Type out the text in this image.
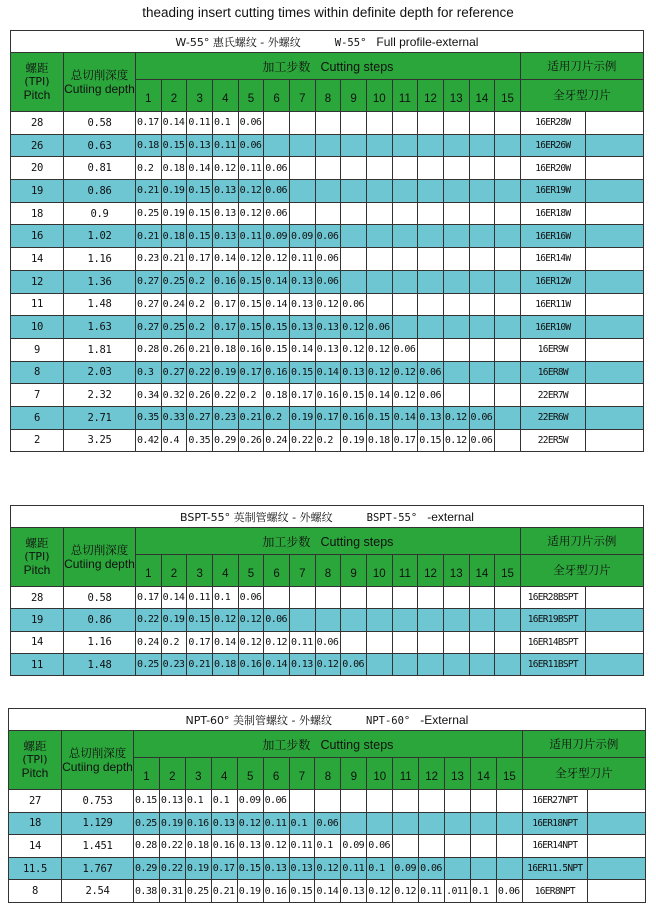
theading insert cutting times within definite depth for reference
W-55° 惠氏螺纹 - 外螺纹 W-55° Full profile-external																		

螺距
(TPI)
Pitch	总切削深度
Cutiing depth	加工步数 Cutting steps															适用刀片示例	

		1	2	3	4	5	6	7	8	9	10	11	12	13	14	15	全牙型刀片	

28	0.58	0.17	0.14	0.11	0.1	0.06											16ER28W	
26	0.63	0.18	0.15	0.13	0.11	0.06											16ER26W	
20	0.81	0.2	0.18	0.14	0.12	0.11	0.06										16ER20W	
19	0.86	0.21	0.19	0.15	0.13	0.12	0.06										16ER19W	
18	0.9	0.25	0.19	0.15	0.13	0.12	0.06										16ER18W	
16	1.02	0.21	0.18	0.15	0.13	0.11	0.09	0.09	0.06								16ER16W	
14	1.16	0.23	0.21	0.17	0.14	0.12	0.12	0.11	0.06								16ER14W	
12	1.36	0.27	0.25	0.2	0.16	0.15	0.14	0.13	0.06								16ER12W	
11	1.48	0.27	0.24	0.2	0.17	0.15	0.14	0.13	0.12	0.06							16ER11W	
10	1.63	0.27	0.25	0.2	0.17	0.15	0.15	0.13	0.13	0.12	0.06						16ER10W	
9	1.81	0.28	0.26	0.21	0.18	0.16	0.15	0.14	0.13	0.12	0.12	0.06					16ER9W	
8	2.03	0.3	0.27	0.22	0.19	0.17	0.16	0.15	0.14	0.13	0.12	0.12	0.06				16ER8W	
7	2.32	0.34	0.32	0.26	0.22	0.2	0.18	0.17	0.16	0.15	0.14	0.12	0.06				22ER7W	
6	2.71	0.35	0.33	0.27	0.23	0.21	0.2	0.19	0.17	0.16	0.15	0.14	0.13	0.12	0.06		22ER6W	
2	3.25	0.42	0.4	0.35	0.29	0.26	0.24	0.22	0.2	0.19	0.18	0.17	0.15	0.12	0.06		22ER5W	
BSPT-55° 英制管螺纹 - 外螺纹 BSPT-55° -external																		

螺距
(TPI)
Pitch	总切削深度
Cutiing depth	加工步数 Cutting steps															适用刀片示例	

		1	2	3	4	5	6	7	8	9	10	11	12	13	14	15	全牙型刀片	

28	0.58	0.17	0.14	0.11	0.1	0.06											16ER28BSPT	
19	0.86	0.22	0.19	0.15	0.12	0.12	0.06										16ER19BSPT	
14	1.16	0.24	0.2	0.17	0.14	0.12	0.12	0.11	0.06								16ER14BSPT	
11	1.48	0.25	0.23	0.21	0.18	0.16	0.14	0.13	0.12	0.06							16ER11BSPT	
NPT-60° 美制管螺纹 - 外螺纹 NPT-60° -External																		

螺距
(TPI)
Pitch	总切削深度
Cutiing depth	加工步数 Cutting steps															适用刀片示例	

		1	2	3	4	5	6	7	8	9	10	11	12	13	14	15	全牙型刀片	

27	0.753	0.15	0.13	0.1	0.1	0.09	0.06										16ER27NPT	
18	1.129	0.25	0.19	0.16	0.13	0.12	0.11	0.1	0.06								16ER18NPT	
14	1.451	0.28	0.22	0.18	0.16	0.13	0.12	0.11	0.1	0.09	0.06						16ER14NPT	
11.5	1.767	0.29	0.22	0.19	0.17	0.15	0.13	0.13	0.12	0.11	0.1	0.09	0.06				16ER11.5NPT	
8	2.54	0.38	0.31	0.25	0.21	0.19	0.16	0.15	0.14	0.13	0.12	0.12	0.11	.011	0.1	0.06	16ER8NPT	
